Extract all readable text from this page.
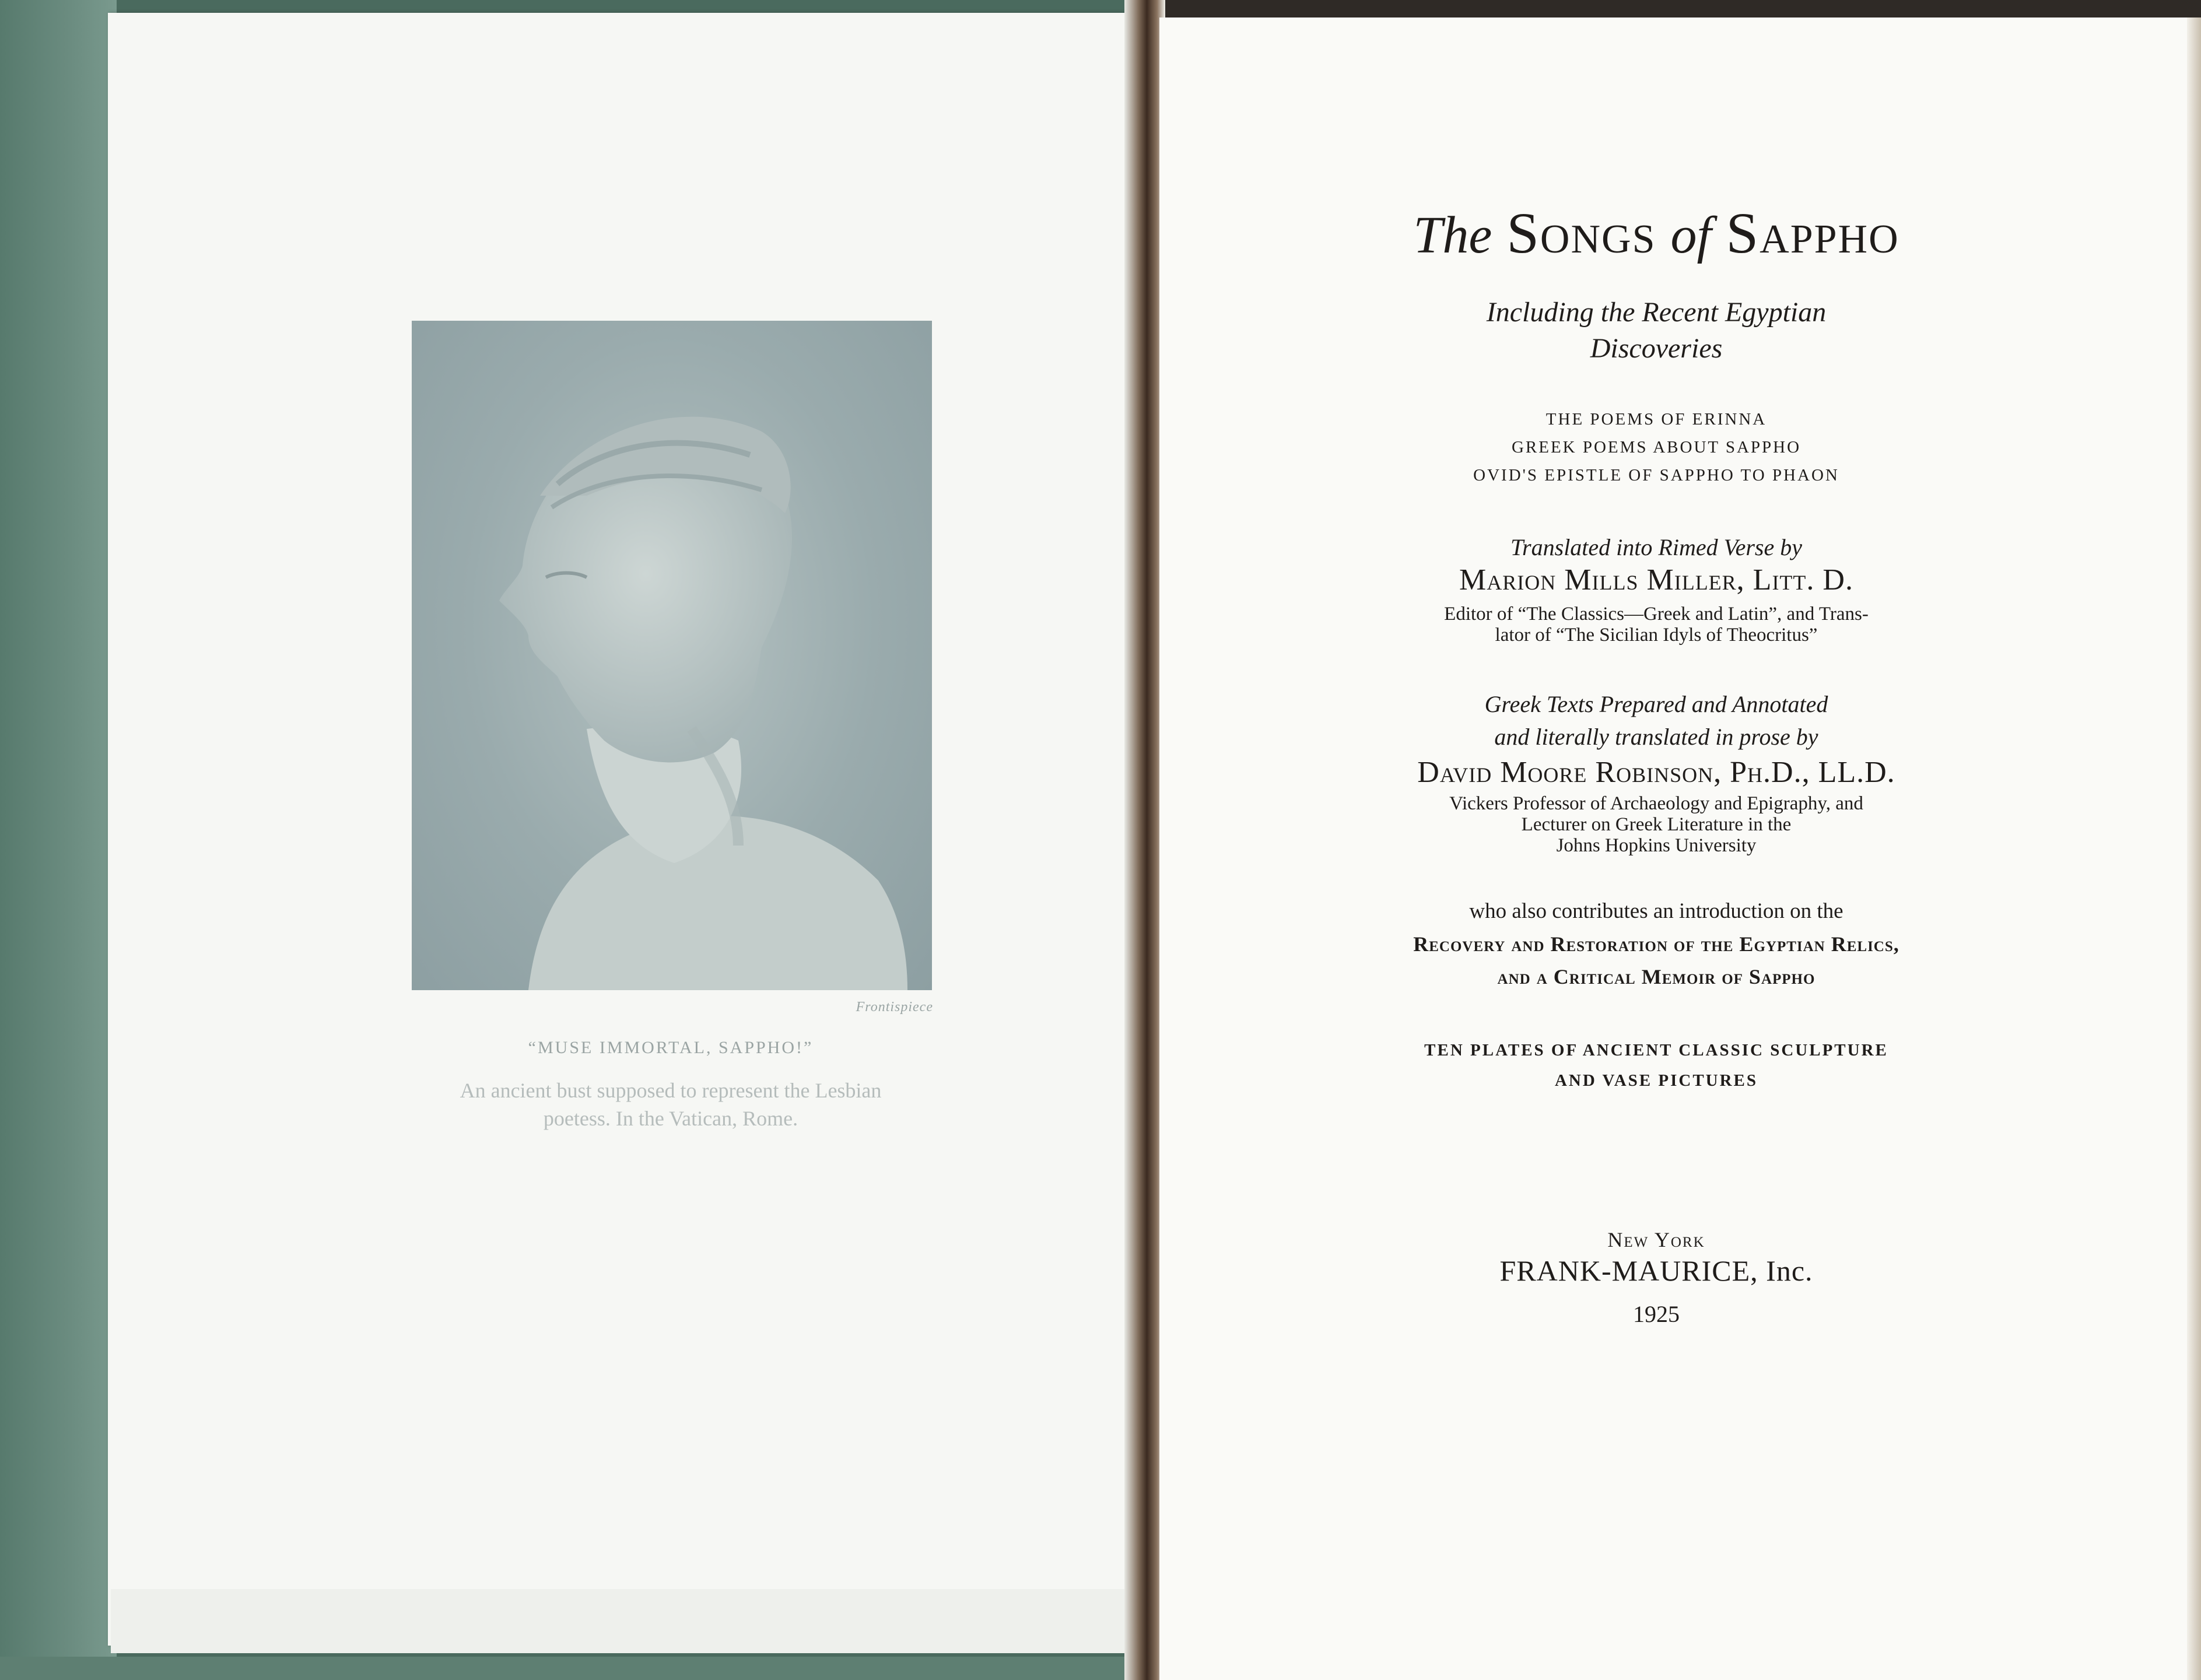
Frontispiece
“MUSE IMMORTAL, SAPPHO!”
An ancient bust supposed to represent the Lesbian
poetess. In the Vatican, Rome.
The Songs of Sappho
Including the Recent Egyptian
Discoveries
THE POEMS OF ERINNA
GREEK POEMS ABOUT SAPPHO
OVID'S EPISTLE OF SAPPHO TO PHAON
Translated into Rimed Verse by
Marion Mills Miller, Litt. D.
Editor of “The Classics—Greek and Latin”, and Trans-
lator of “The Sicilian Idyls of Theocritus”
Greek Texts Prepared and Annotated
and literally translated in prose by
David Moore Robinson, Ph.D., LL.D.
Vickers Professor of Archaeology and Epigraphy, and
Lecturer on Greek Literature in the
Johns Hopkins University
who also contributes an introduction on the
Recovery and Restoration of the Egyptian Relics,
and a Critical Memoir of Sappho
TEN PLATES OF ANCIENT CLASSIC SCULPTURE
AND VASE PICTURES
New York
FRANK-MAURICE, Inc.
1925
